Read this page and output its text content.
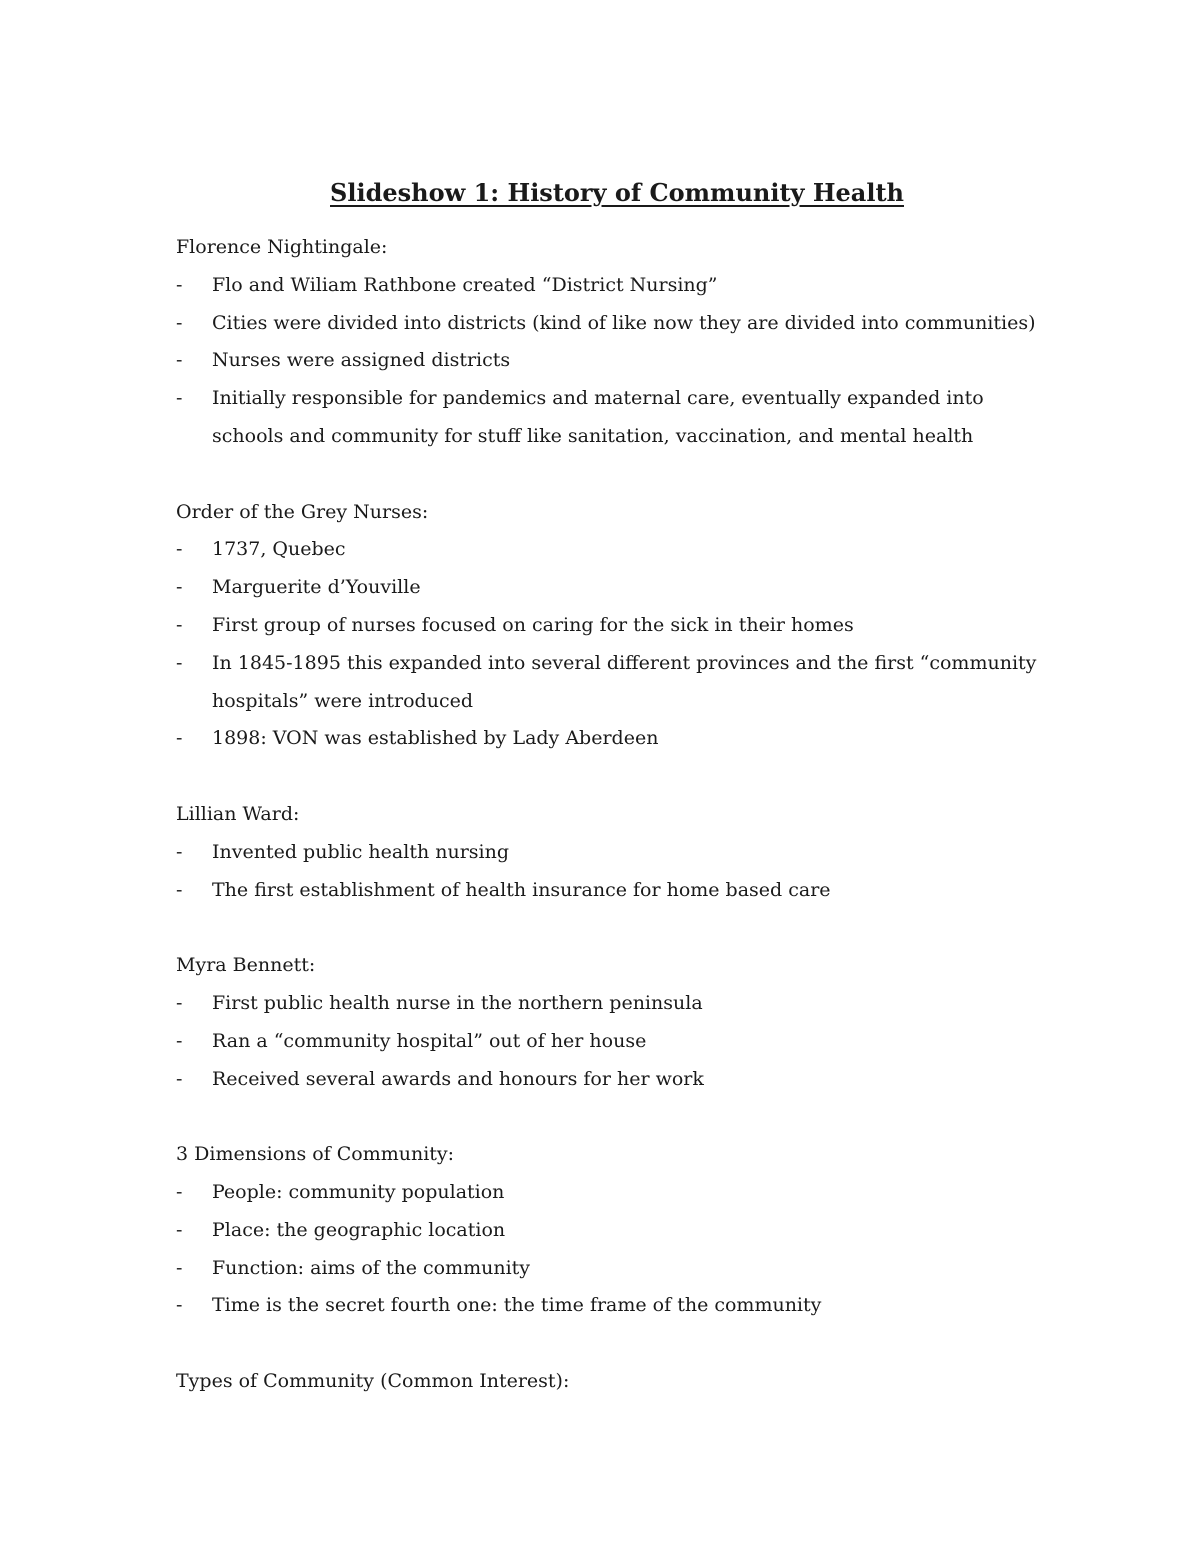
Slideshow 1: History of Community Health

Florence Nightingale:

- Flo and Wiliam Rathbone created “District Nursing”
- Cities were divided into districts (kind of like now they are divided into communities)
- Nurses were assigned districts
- Initially responsible for pandemics and maternal care, eventually expanded into schools and community for stuff like sanitation, vaccination, and mental health

Order of the Grey Nurses:

- 1737, Quebec
- Marguerite d’Youville
- First group of nurses focused on caring for the sick in their homes
- In 1845-1895 this expanded into several different provinces and the first “community hospitals” were introduced
- 1898: VON was established by Lady Aberdeen

Lillian Ward:

- Invented public health nursing
- The first establishment of health insurance for home based care

Myra Bennett:

- First public health nurse in the northern peninsula
- Ran a “community hospital” out of her house
- Received several awards and honours for her work

3 Dimensions of Community:

- People: community population
- Place: the geographic location
- Function: aims of the community
- Time is the secret fourth one: the time frame of the community

Types of Community (Common Interest):
